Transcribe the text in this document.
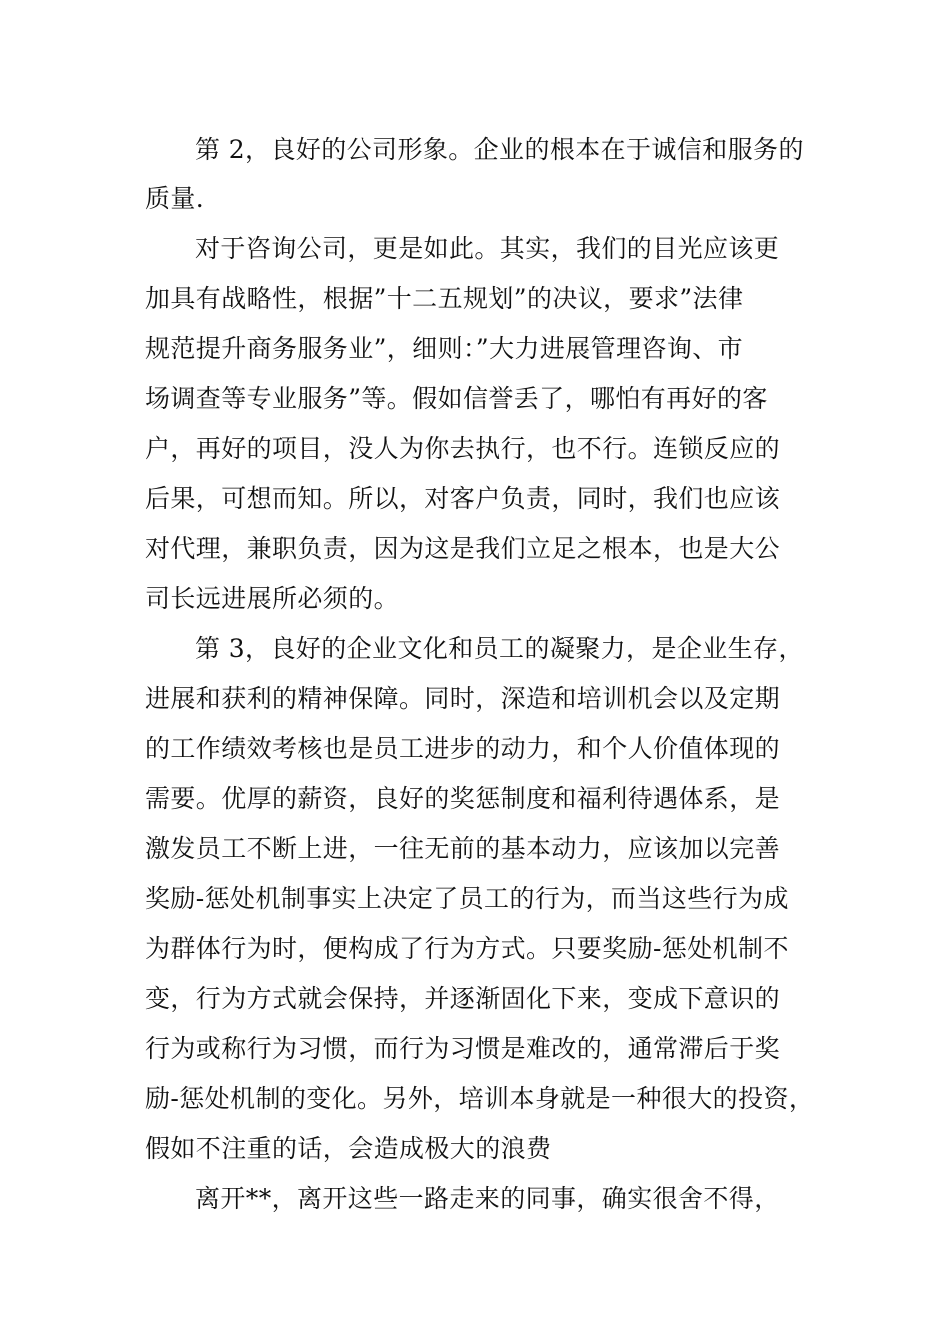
第 2，良好的公司形象。企业的根本在于诚信和服务的
质量.
对于咨询公司，更是如此。其实，我们的目光应该更
加具有战略性，根据”十二五规划”的决议，要求”法律
规范提升商务服务业”，细则：”大力进展管理咨询、市
场调查等专业服务”等。假如信誉丢了，哪怕有再好的客
户，再好的项目，没人为你去执行，也不行。连锁反应的
后果，可想而知。所以，对客户负责，同时，我们也应该
对代理，兼职负责，因为这是我们立足之根本，也是大公
司长远进展所必须的。
第 3，良好的企业文化和员工的凝聚力，是企业生存，
进展和获利的精神保障。同时，深造和培训机会以及定期
的工作绩效考核也是员工进步的动力，和个人价值体现的
需要。优厚的薪资，良好的奖惩制度和福利待遇体系，是
激发员工不断上进，一往无前的基本动力，应该加以完善
奖励-惩处机制事实上决定了员工的行为，而当这些行为成
为群体行为时，便构成了行为方式。只要奖励-惩处机制不
变，行为方式就会保持，并逐渐固化下来，变成下意识的
行为或称行为习惯，而行为习惯是难改的，通常滞后于奖
励-惩处机制的变化。另外，培训本身就是一种很大的投资，
假如不注重的话，会造成极大的浪费
离开**，离开这些一路走来的同事，确实很舍不得，
